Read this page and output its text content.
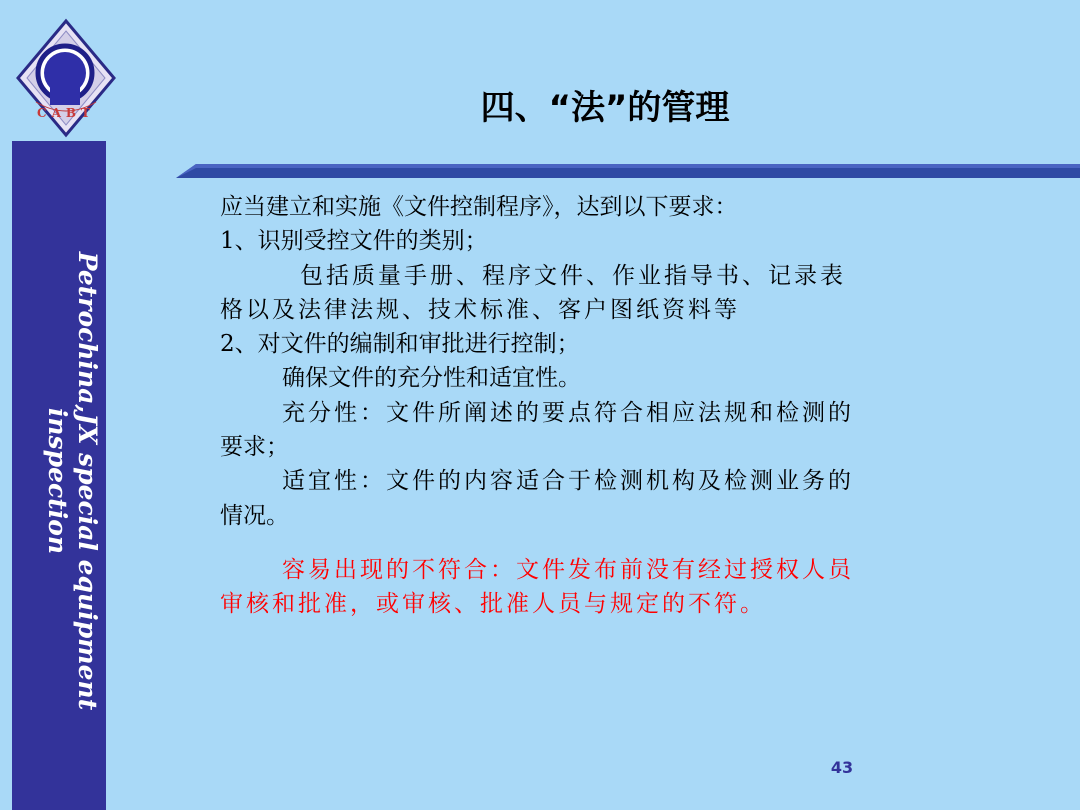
Petrochina,JX special equipment inspection
CABT	四、“法”的管理
应当建立和实施《文件控制程序》，达到以下要求：
1、识别受控文件的类别；
包括质量手册、程序文件、作业指导书、记录表
格以及法律法规、技术标准、客户图纸资料等
2、对文件的编制和审批进行控制；
确保文件的充分性和适宜性。
充分性：文件所阐述的要点符合相应法规和检测的
要求；
适宜性：文件的内容适合于检测机构及检测业务的
情况。
容易出现的不符合：文件发布前没有经过授权人员
审核和批准，或审核、批准人员与规定的不符。
43
